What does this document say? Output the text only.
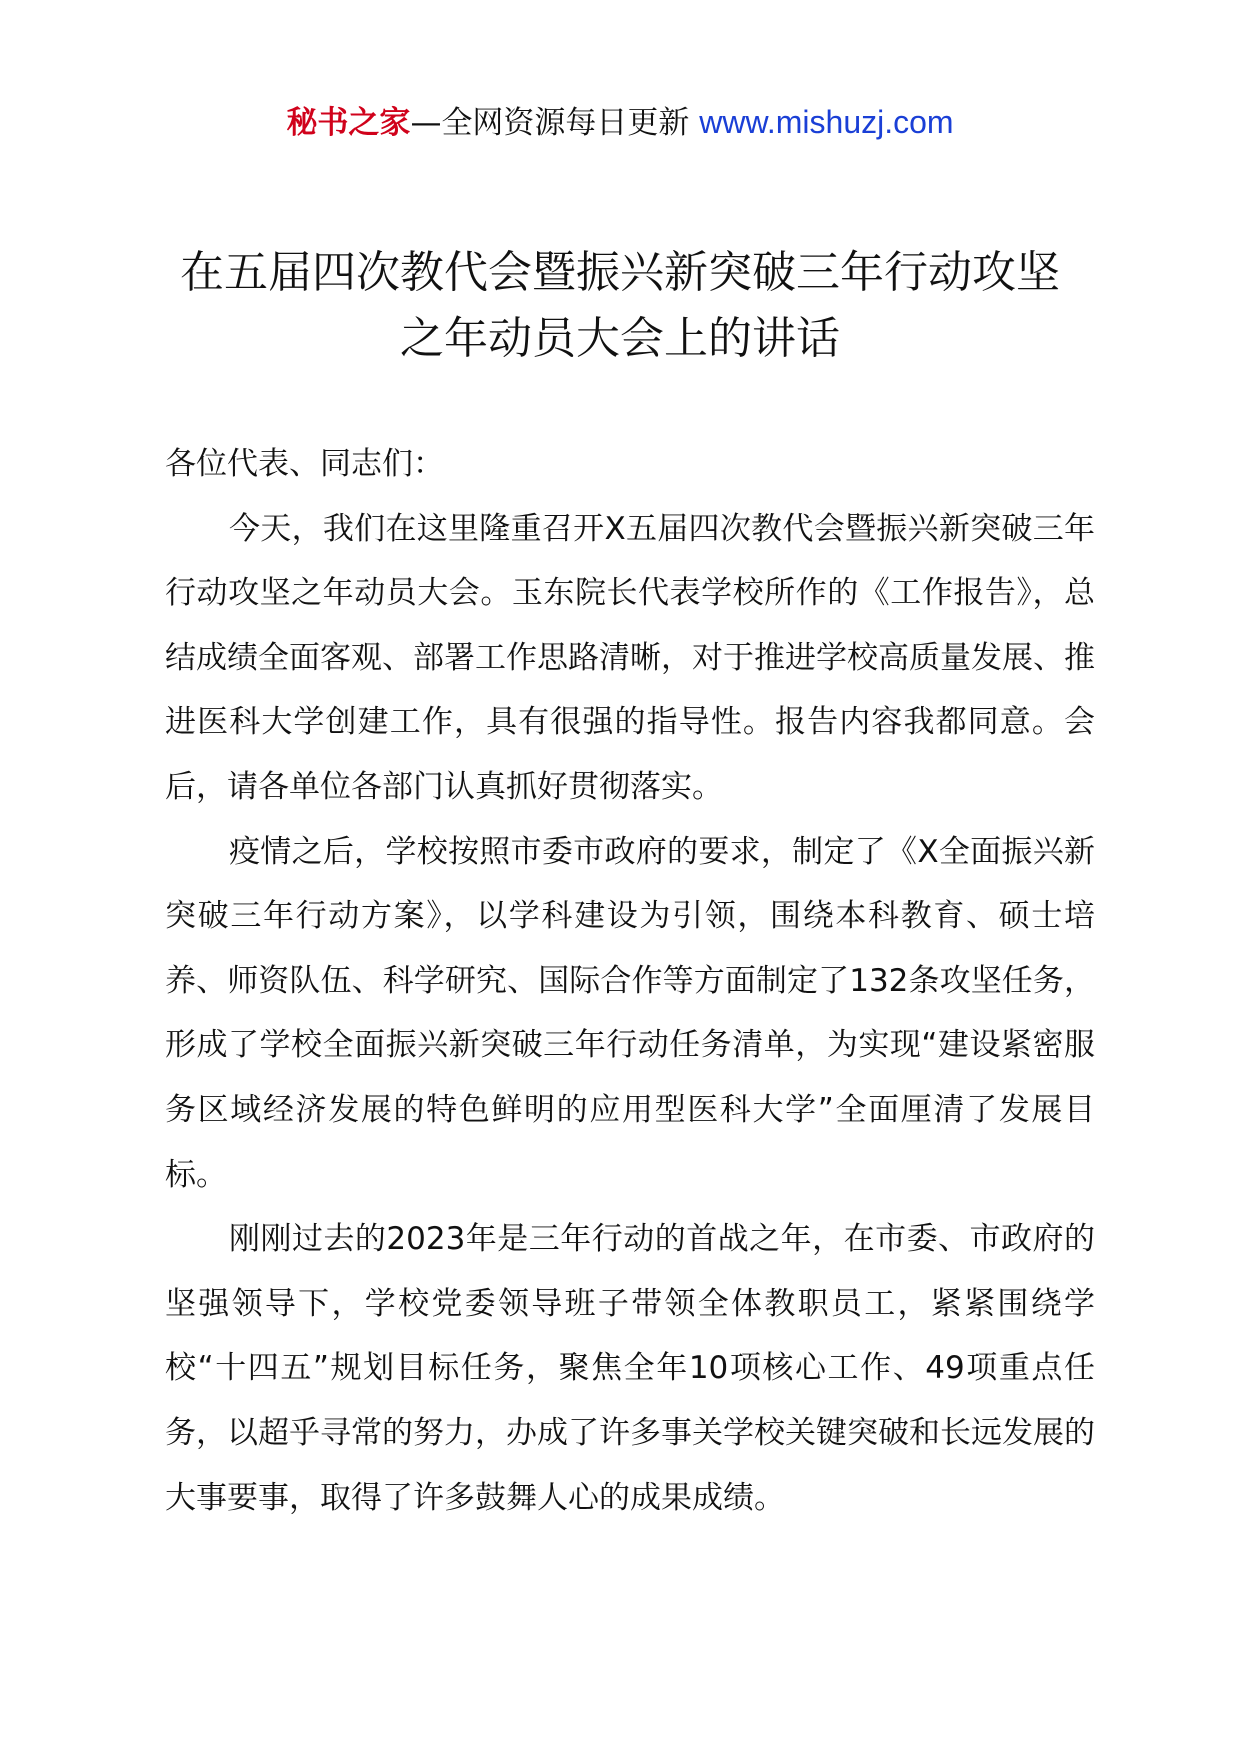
秘书之家—全网资源每日更新 www.mishuzj.com
在五届四次教代会暨振兴新突破三年行动攻坚
之年动员大会上的讲话

各位代表、同志们：

今天，我们在这里隆重召开X五届四次教代会暨振兴新突破三年行动攻坚之年动员大会。玉东院长代表学校所作的《工作报告》，总结成绩全面客观、部署工作思路清晰，对于推进学校高质量发展、推进医科大学创建工作，具有很强的指导性。报告内容我都同意。会后，请各单位各部门认真抓好贯彻落实。

疫情之后，学校按照市委市政府的要求，制定了《X全面振兴新突破三年行动方案》，以学科建设为引领，围绕本科教育、硕士培养、师资队伍、科学研究、国际合作等方面制定了132条攻坚任务，形成了学校全面振兴新突破三年行动任务清单，为实现“建设紧密服务区域经济发展的特色鲜明的应用型医科大学”全面厘清了发展目标。

刚刚过去的2023年是三年行动的首战之年，在市委、市政府的坚强领导下，学校党委领导班子带领全体教职员工，紧紧围绕学校“十四五”规划目标任务，聚焦全年10项核心工作、49项重点任务，以超乎寻常的努力，办成了许多事关学校关键突破和长远发展的大事要事，取得了许多鼓舞人心的成果成绩。
